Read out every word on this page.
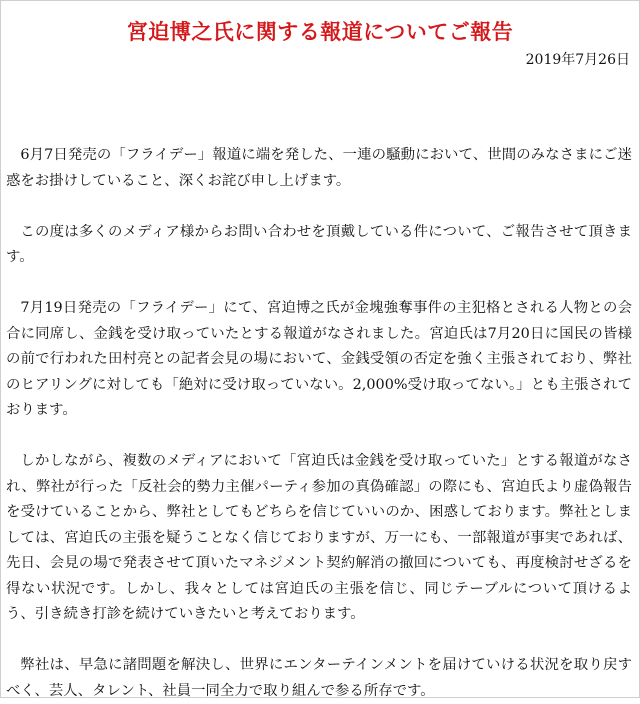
宮迫博之氏に関する報道についてご報告
2019年7月26日

6月7日発売の「フライデー」報道に端を発した、一連の騒動において、世間のみなさまにご迷惑をお掛けしていること、深くお詫び申し上げます。

この度は多くのメディア様からお問い合わせを頂戴している件について、ご報告させて頂きます。

7月19日発売の「フライデー」にて、宮迫博之氏が金塊強奪事件の主犯格とされる人物との会合に同席し、金銭を受け取っていたとする報道がなされました。宮迫氏は7月20日に国民の皆様の前で行われた田村亮との記者会見の場において、金銭受領の否定を強く主張されており、弊社のヒアリングに対しても「絶対に受け取っていない。2,000%受け取ってない。」とも主張されております。

しかしながら、複数のメディアにおいて「宮迫氏は金銭を受け取っていた」とする報道がなされ、弊社が行った「反社会的勢力主催パーティ参加の真偽確認」の際にも、宮迫氏より虚偽報告を受けていることから、弊社としてもどちらを信じていいのか、困惑しております。弊社としましては、宮迫氏の主張を疑うことなく信じておりますが、万一にも、一部報道が事実であれば、先日、会見の場で発表させて頂いたマネジメント契約解消の撤回についても、再度検討せざるを得ない状況です。しかし、我々としては宮迫氏の主張を信じ、同じテーブルについて頂けるよう、引き続き打診を続けていきたいと考えております。

弊社は、早急に諸問題を解決し、世界にエンターテインメントを届けていける状況を取り戻すべく、芸人、タレント、社員一同全力で取り組んで参る所存です。
